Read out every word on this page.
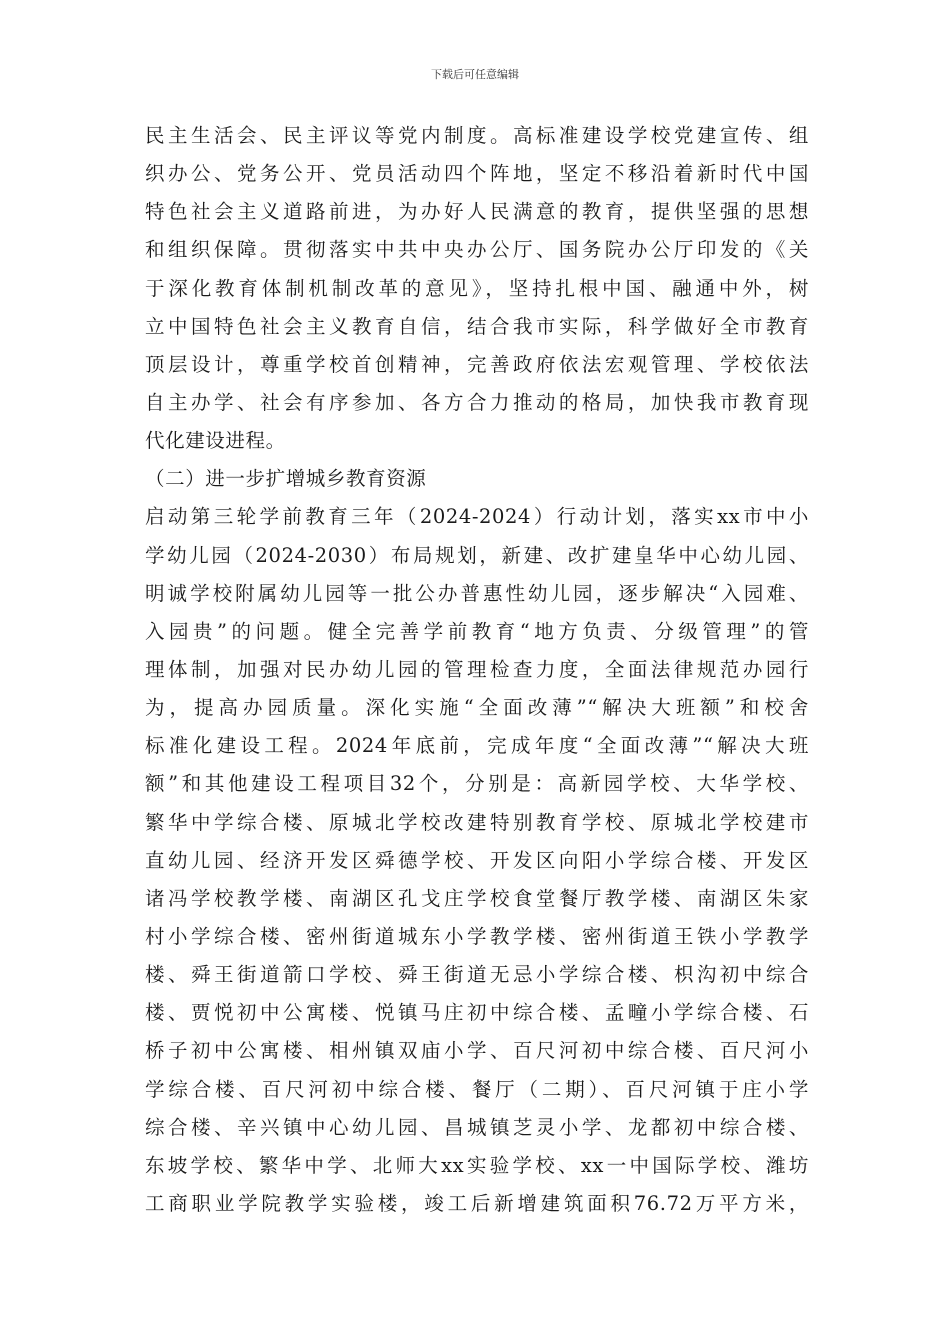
下载后可任意编辑
民主生活会、民主评议等党内制度。高标准建设学校党建宣传、组
织办公、党务公开、党员活动四个阵地，坚定不移沿着新时代中国
特色社会主义道路前进，为办好人民满意的教育，提供坚强的思想
和组织保障。贯彻落实中共中央办公厅、国务院办公厅印发的《关
于深化教育体制机制改革的意见》，坚持扎根中国、融通中外，树
立中国特色社会主义教育自信，结合我市实际，科学做好全市教育
顶层设计，尊重学校首创精神，完善政府依法宏观管理、学校依法
自主办学、社会有序参加、各方合力推动的格局，加快我市教育现
代化建设进程。
（二）进一步扩增城乡教育资源
启动第三轮学前教育三年（2024-2024）行动计划，落实xx市中小
学幼儿园（2024-2030）布局规划，新建、改扩建皇华中心幼儿园、
明诚学校附属幼儿园等一批公办普惠性幼儿园，逐步解决“入园难、
入园贵”的问题。健全完善学前教育“地方负责、分级管理”的管
理体制，加强对民办幼儿园的管理检查力度，全面法律规范办园行
为，提高办园质量。深化实施“全面改薄”“解决大班额”和校舍
标准化建设工程。2024年底前，完成年度“全面改薄”“解决大班
额”和其他建设工程项目32个，分别是：高新园学校、大华学校、
繁华中学综合楼、原城北学校改建特别教育学校、原城北学校建市
直幼儿园、经济开发区舜德学校、开发区向阳小学综合楼、开发区
诸冯学校教学楼、南湖区孔戈庄学校食堂餐厅教学楼、南湖区朱家
村小学综合楼、密州街道城东小学教学楼、密州街道王铁小学教学
楼、舜王街道箭口学校、舜王街道无忌小学综合楼、枳沟初中综合
楼、贾悦初中公寓楼、悦镇马庄初中综合楼、孟疃小学综合楼、石
桥子初中公寓楼、相州镇双庙小学、百尺河初中综合楼、百尺河小
学综合楼、百尺河初中综合楼、餐厅（二期）、百尺河镇于庄小学
综合楼、辛兴镇中心幼儿园、昌城镇芝灵小学、龙都初中综合楼、
东坡学校、繁华中学、北师大xx实验学校、xx一中国际学校、潍坊
工商职业学院教学实验楼，竣工后新增建筑面积76.72万平方米，
